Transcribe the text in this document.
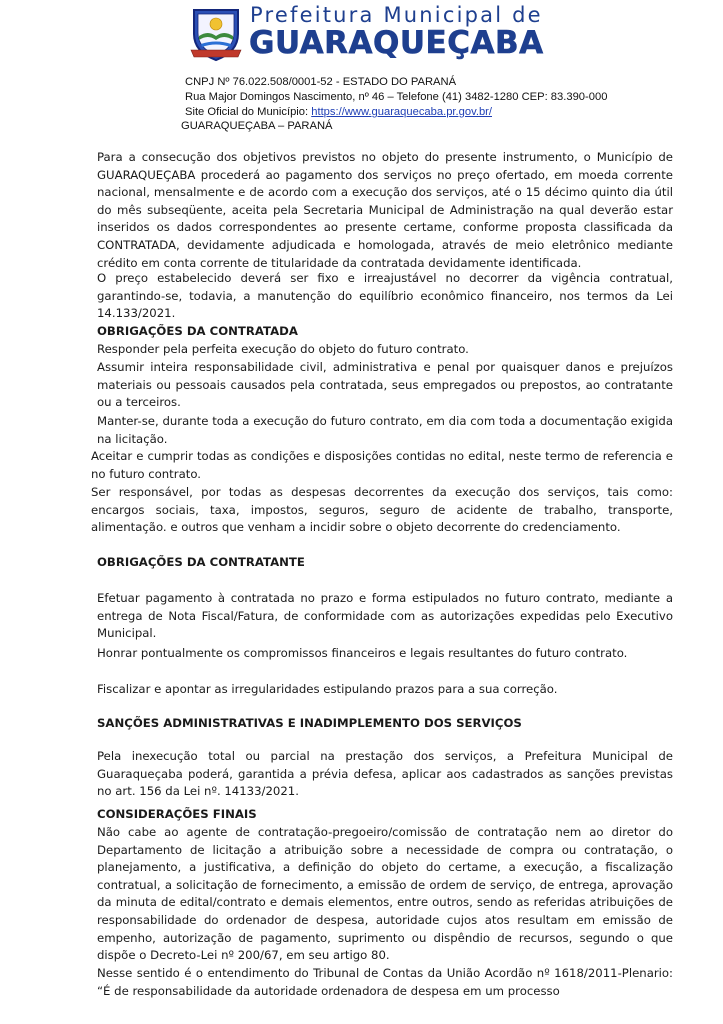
Prefeitura Municipal de
GUARAQUEÇABA
CNPJ Nº 76.022.508/0001-52 - ESTADO DO PARANÁ
Rua Major Domingos Nascimento, nº 46 – Telefone (41) 3482-1280 CEP: 83.390-000
Site Oficial do Município: https://www.guaraquecaba.pr.gov.br/
GUARAQUEÇABA – PARANÁ

Para a consecução dos objetivos previstos no objeto do presente instrumento, o Município de GUARAQUEÇABA procederá ao pagamento dos serviços no preço ofertado, em moeda corrente nacional, mensalmente e de acordo com a execução dos serviços, até o 15 décimo quinto dia útil do mês subseqüente, aceita pela Secretaria Municipal de Administração na qual deverão estar inseridos os dados correspondentes ao presente certame, conforme proposta classificada da CONTRATADA, devidamente adjudicada e homologada, através de meio eletrônico mediante crédito em conta corrente de titularidade da contratada devidamente identificada.

O preço estabelecido deverá ser fixo e irreajustável no decorrer da vigência contratual, garantindo-se, todavia, a manutenção do equilíbrio econômico financeiro, nos termos da Lei 14.133/2021.

OBRIGAÇÕES DA CONTRATADA

Responder pela perfeita execução do objeto do futuro contrato.

Assumir inteira responsabilidade civil, administrativa e penal por quaisquer danos e prejuízos materiais ou pessoais causados pela contratada, seus empregados ou prepostos, ao contratante ou a terceiros.

Manter-se, durante toda a execução do futuro contrato, em dia com toda a documentação exigida na licitação.

Aceitar e cumprir todas as condições e disposições contidas no edital, neste termo de referencia e no futuro contrato.

Ser responsável, por todas as despesas decorrentes da execução dos serviços, tais como: encargos sociais, taxa, impostos, seguros, seguro de acidente de trabalho, transporte, alimentação. e outros que venham a incidir sobre o objeto decorrente do credenciamento.

OBRIGAÇÕES DA CONTRATANTE

Efetuar pagamento à contratada no prazo e forma estipulados no futuro contrato, mediante a entrega de Nota Fiscal/Fatura, de conformidade com as autorizações expedidas pelo Executivo Municipal.

Honrar pontualmente os compromissos financeiros e legais resultantes do futuro contrato.

Fiscalizar e apontar as irregularidades estipulando prazos para a sua correção.

SANÇÕES ADMINISTRATIVAS E INADIMPLEMENTO DOS SERVIÇOS

Pela inexecução total ou parcial na prestação dos serviços, a Prefeitura Municipal de Guaraqueçaba poderá, garantida a prévia defesa, aplicar aos cadastrados as sanções previstas no art. 156 da Lei nº. 14133/2021.

CONSIDERAÇÕES FINAIS

Não cabe ao agente de contratação-pregoeiro/comissão de contratação nem ao diretor do Departamento de licitação a atribuição sobre a necessidade de compra ou contratação, o planejamento, a justificativa, a definição do objeto do certame, a execução, a fiscalização contratual, a solicitação de fornecimento, a emissão de ordem de serviço, de entrega, aprovação da minuta de edital/contrato e demais elementos, entre outros, sendo as referidas atribuições de responsabilidade do ordenador de despesa, autoridade cujos atos resultam em emissão de empenho, autorização de pagamento, suprimento ou dispêndio de recursos, segundo o que dispõe o Decreto-Lei nº 200/67, em seu artigo 80.

Nesse sentido é o entendimento do Tribunal de Contas da União Acordão nº 1618/2011-Plenario: “É de responsabilidade da autoridade ordenadora de despesa em um processo
